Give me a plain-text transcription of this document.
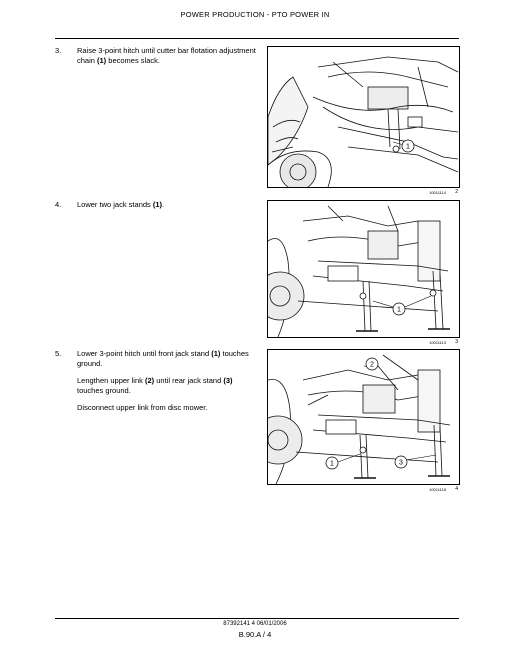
POWER PRODUCTION - PTO POWER IN
3. Raise 3-point hitch until cutter bar flotation adjustment chain (1) becomes slack.

1
10011114 2
4. Lower two jack stands (1).

1
10011113 3
5. Lower 3-point hitch until front jack stand (1) touches ground.

Lengthen upper link (2) until rear jack stand (3) touches ground.

Disconnect upper link from disc mower.

2
1	3
10011118 4
87392141 4 06/01/2006
B.90.A / 4
